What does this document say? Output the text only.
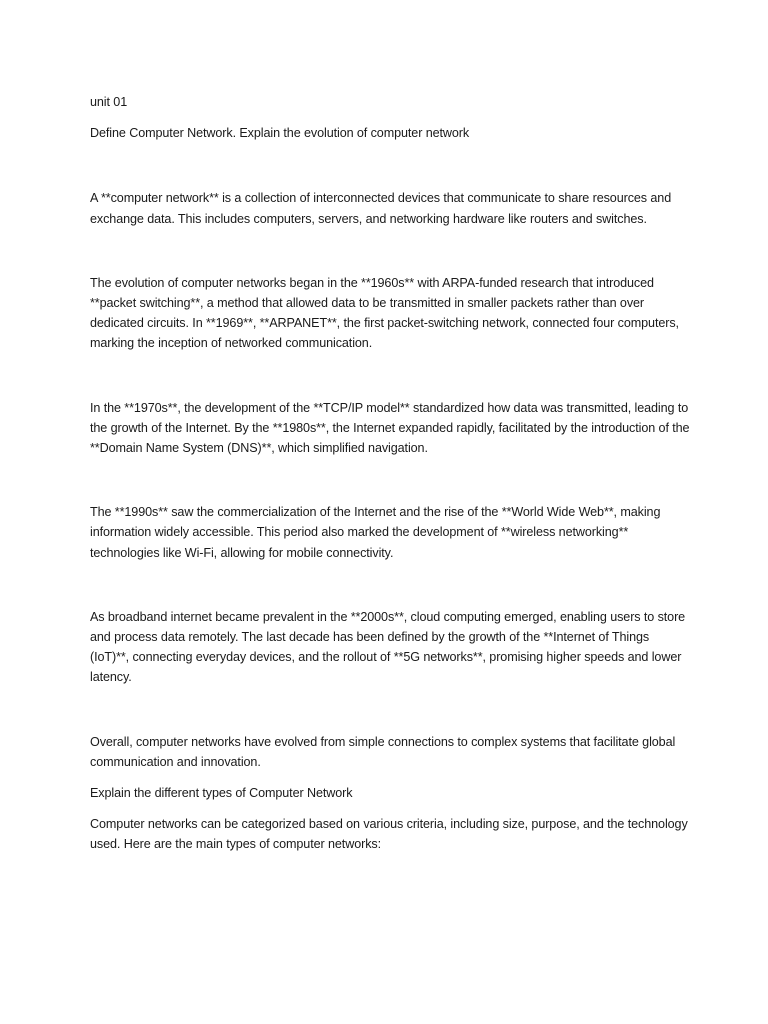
unit 01

Define Computer Network. Explain the evolution of computer network

A **computer network** is a collection of interconnected devices that communicate to share resources and exchange data. This includes computers, servers, and networking hardware like routers and switches.

The evolution of computer networks began in the **1960s** with ARPA-funded research that introduced **packet switching**, a method that allowed data to be transmitted in smaller packets rather than over dedicated circuits. In **1969**, **ARPANET**, the first packet-switching network, connected four computers, marking the inception of networked communication.

In the **1970s**, the development of the **TCP/IP model** standardized how data was transmitted, leading to the growth of the Internet. By the **1980s**, the Internet expanded rapidly, facilitated by the introduction of the **Domain Name System (DNS)**, which simplified navigation.

The **1990s** saw the commercialization of the Internet and the rise of the **World Wide Web**, making information widely accessible. This period also marked the development of **wireless networking** technologies like Wi-Fi, allowing for mobile connectivity.

As broadband internet became prevalent in the **2000s**, cloud computing emerged, enabling users to store and process data remotely. The last decade has been defined by the growth of the **Internet of Things (IoT)**, connecting everyday devices, and the rollout of **5G networks**, promising higher speeds and lower latency.

Overall, computer networks have evolved from simple connections to complex systems that facilitate global communication and innovation.

Explain the different types of Computer Network

Computer networks can be categorized based on various criteria, including size, purpose, and the technology used. Here are the main types of computer networks:
